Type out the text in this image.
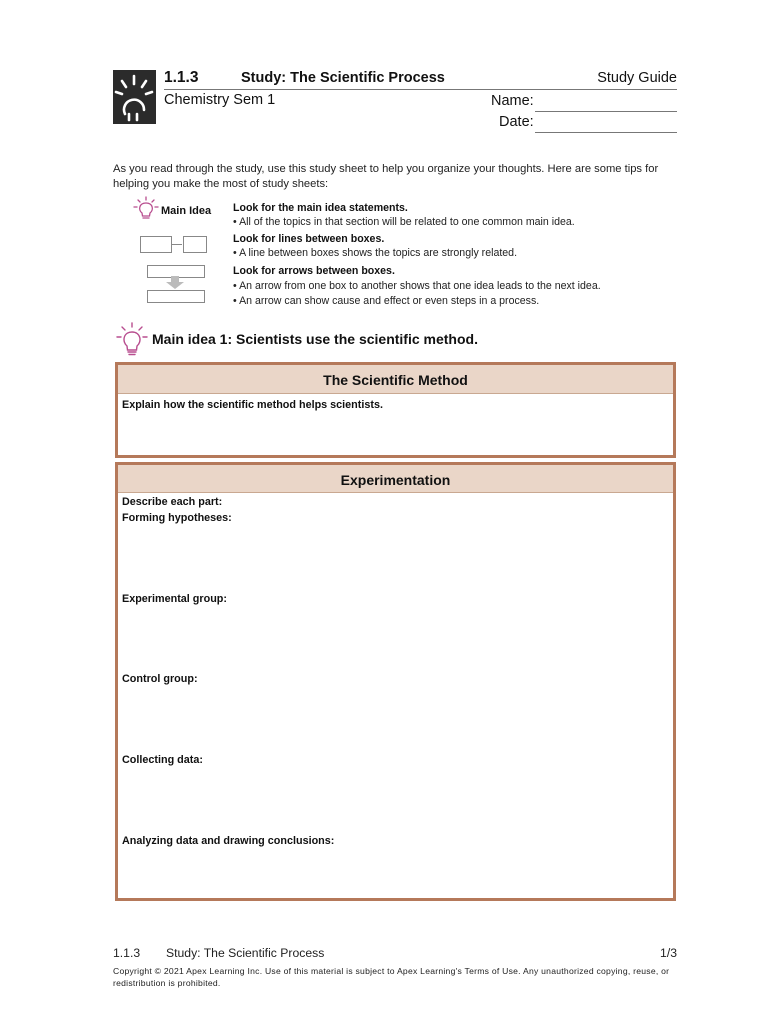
1.1.3	Study: The Scientific Process	Study Guide
Chemistry Sem 1	Name:
Date:
As you read through the study, use this study sheet to help you organize your thoughts. Here are some tips for helping you make the most of study sheets:
Main Idea Look for the main idea statements.
• All of the topics in that section will be related to one common main idea.
Look for lines between boxes.
• A line between boxes shows the topics are strongly related.
Look for arrows between boxes.
• An arrow from one box to another shows that one idea leads to the next idea.
• An arrow can show cause and effect or even steps in a process.
Main idea 1: Scientists use the scientific method.
The Scientific Method
Explain how the scientific method helps scientists.
Experimentation
Describe each part:
Forming hypotheses:
Experimental group:
Control group:
Collecting data:
Analyzing data and drawing conclusions:
1.1.3 Study: The Scientific Process	1/3
Copyright © 2021 Apex Learning Inc. Use of this material is subject to Apex Learning's Terms of Use. Any unauthorized copying, reuse, or redistribution is prohibited.
